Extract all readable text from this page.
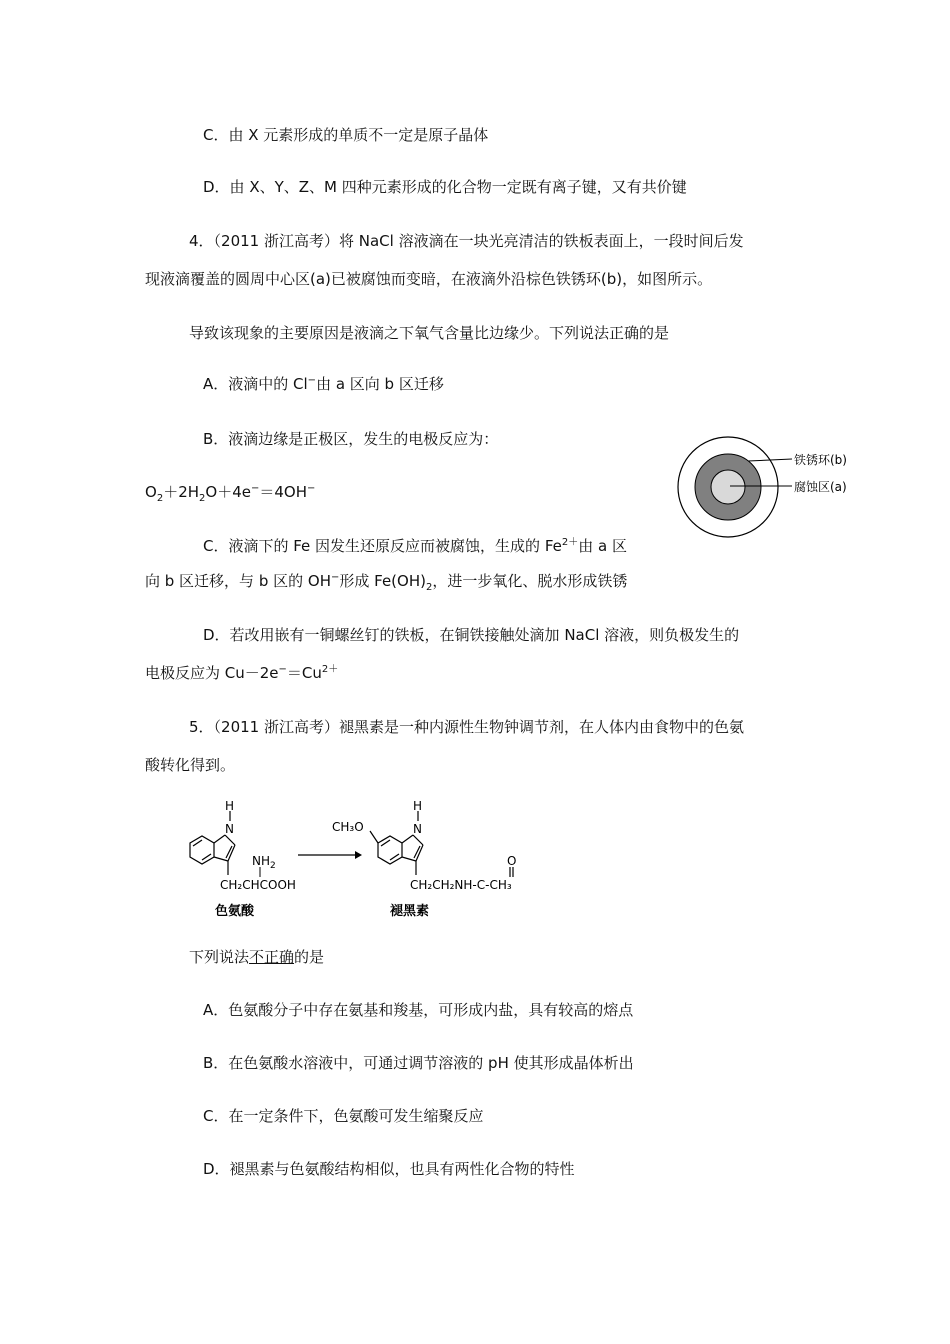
C．由 X 元素形成的单质不一定是原子晶体
D．由 X、Y、Z、M 四种元素形成的化合物一定既有离子键，又有共价键
4．（2011 浙江高考）将 NaCl 溶液滴在一块光亮清洁的铁板表面上，一段时间后发
现液滴覆盖的圆周中心区(a)已被腐蚀而变暗，在液滴外沿棕色铁锈环(b)，如图所示。
导致该现象的主要原因是液滴之下氧气含量比边缘少。下列说法正确的是
A．液滴中的 Cl−由 a 区向 b 区迁移
B．液滴边缘是正极区，发生的电极反应为：
$O_2+2H_2O+4e^-=4OH^-$
C．液滴下的 Fe 因发生还原反应而被腐蚀，生成的 $Fe^{2+}$由 a 区
向 b 区迁移，与 b 区的 OH−形成 $Fe(OH)_2$，进一步氧化、脱水形成铁锈
D．若改用嵌有一铜螺丝钉的铁板，在铜铁接触处滴加 NaCl 溶液，则负极发生的
电极反应为 $Cu-2e^-=Cu^{2+}$
铁锈环(b)
腐蚀区(a)
5．（2011 浙江高考）褪黑素是一种内源性生物钟调节剂，在人体内由食物中的色氨
酸转化得到。
H
N
$NH_2$
CH₂CHCOOH
色氨酸
CH₃O
H
N
O
CH₂CH₂NH-C-CH₃
褪黑素
下列说法不正确的是
A．色氨酸分子中存在氨基和羧基，可形成内盐，具有较高的熔点
B．在色氨酸水溶液中，可通过调节溶液的 pH 使其形成晶体析出
C．在一定条件下，色氨酸可发生缩聚反应
D．褪黑素与色氨酸结构相似，也具有两性化合物的特性
